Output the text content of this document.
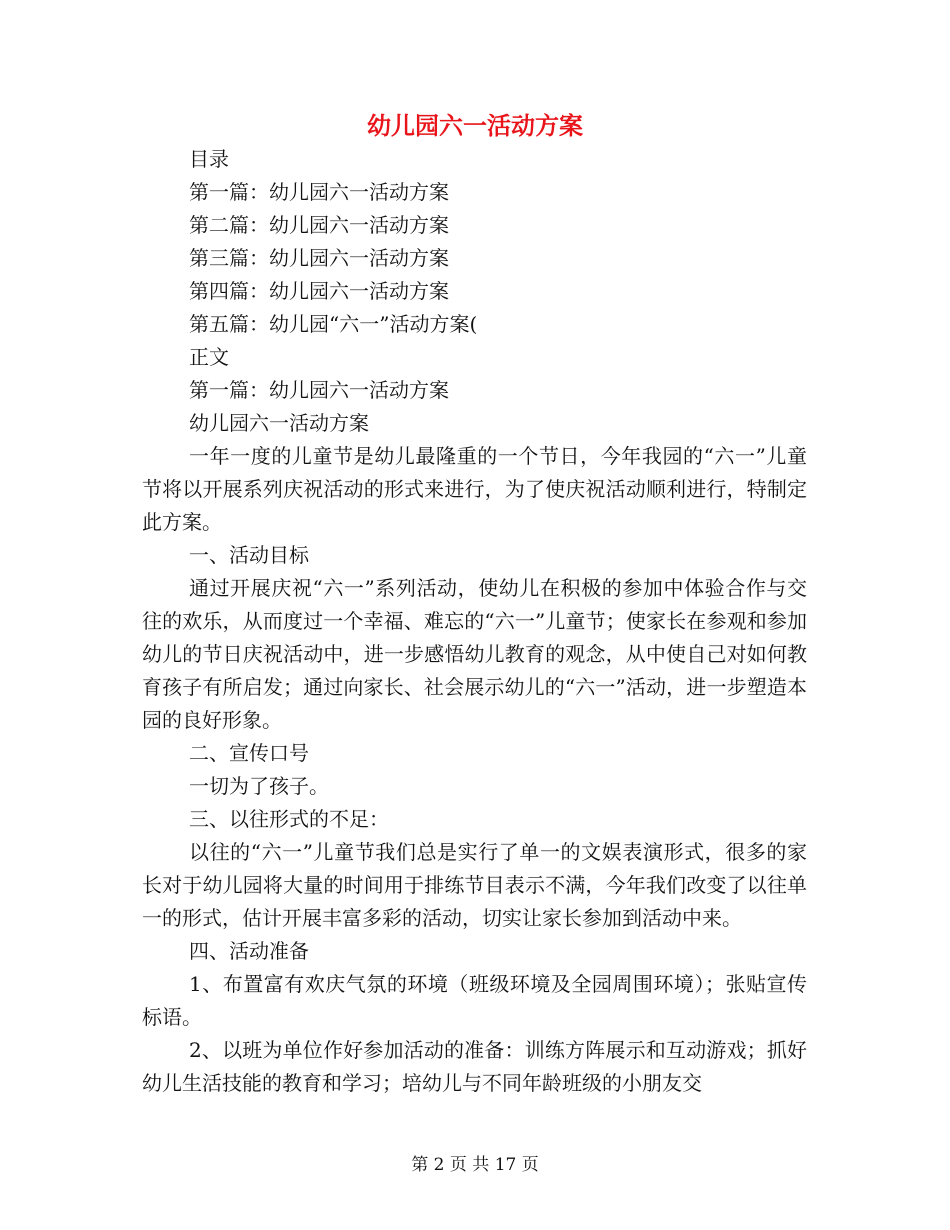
幼儿园六一活动方案

目录

第一篇：幼儿园六一活动方案

第二篇：幼儿园六一活动方案

第三篇：幼儿园六一活动方案

第四篇：幼儿园六一活动方案

第五篇：幼儿园“六一”活动方案(

正文

第一篇：幼儿园六一活动方案

幼儿园六一活动方案

一年一度的儿童节是幼儿最隆重的一个节日，今年我园的“六一”儿童节将以开展系列庆祝活动的形式来进行，为了使庆祝活动顺利进行，特制定此方案。

一、活动目标

通过开展庆祝“六一”系列活动，使幼儿在积极的参加中体验合作与交往的欢乐，从而度过一个幸福、难忘的“六一”儿童节；使家长在参观和参加幼儿的节日庆祝活动中，进一步感悟幼儿教育的观念，从中使自己对如何教育孩子有所启发；通过向家长、社会展示幼儿的“六一”活动，进一步塑造本园的良好形象。

二、宣传口号

一切为了孩子。

三、以往形式的不足：

以往的“六一”儿童节我们总是实行了单一的文娱表演形式，很多的家长对于幼儿园将大量的时间用于排练节目表示不满，今年我们改变了以往单一的形式，估计开展丰富多彩的活动，切实让家长参加到活动中来。

四、活动准备

1、布置富有欢庆气氛的环境（班级环境及全园周围环境）；张贴宣传标语。

2、以班为单位作好参加活动的准备：训练方阵展示和互动游戏；抓好幼儿生活技能的教育和学习；培幼儿与不同年龄班级的小朋友交

第 2 页 共 17 页
